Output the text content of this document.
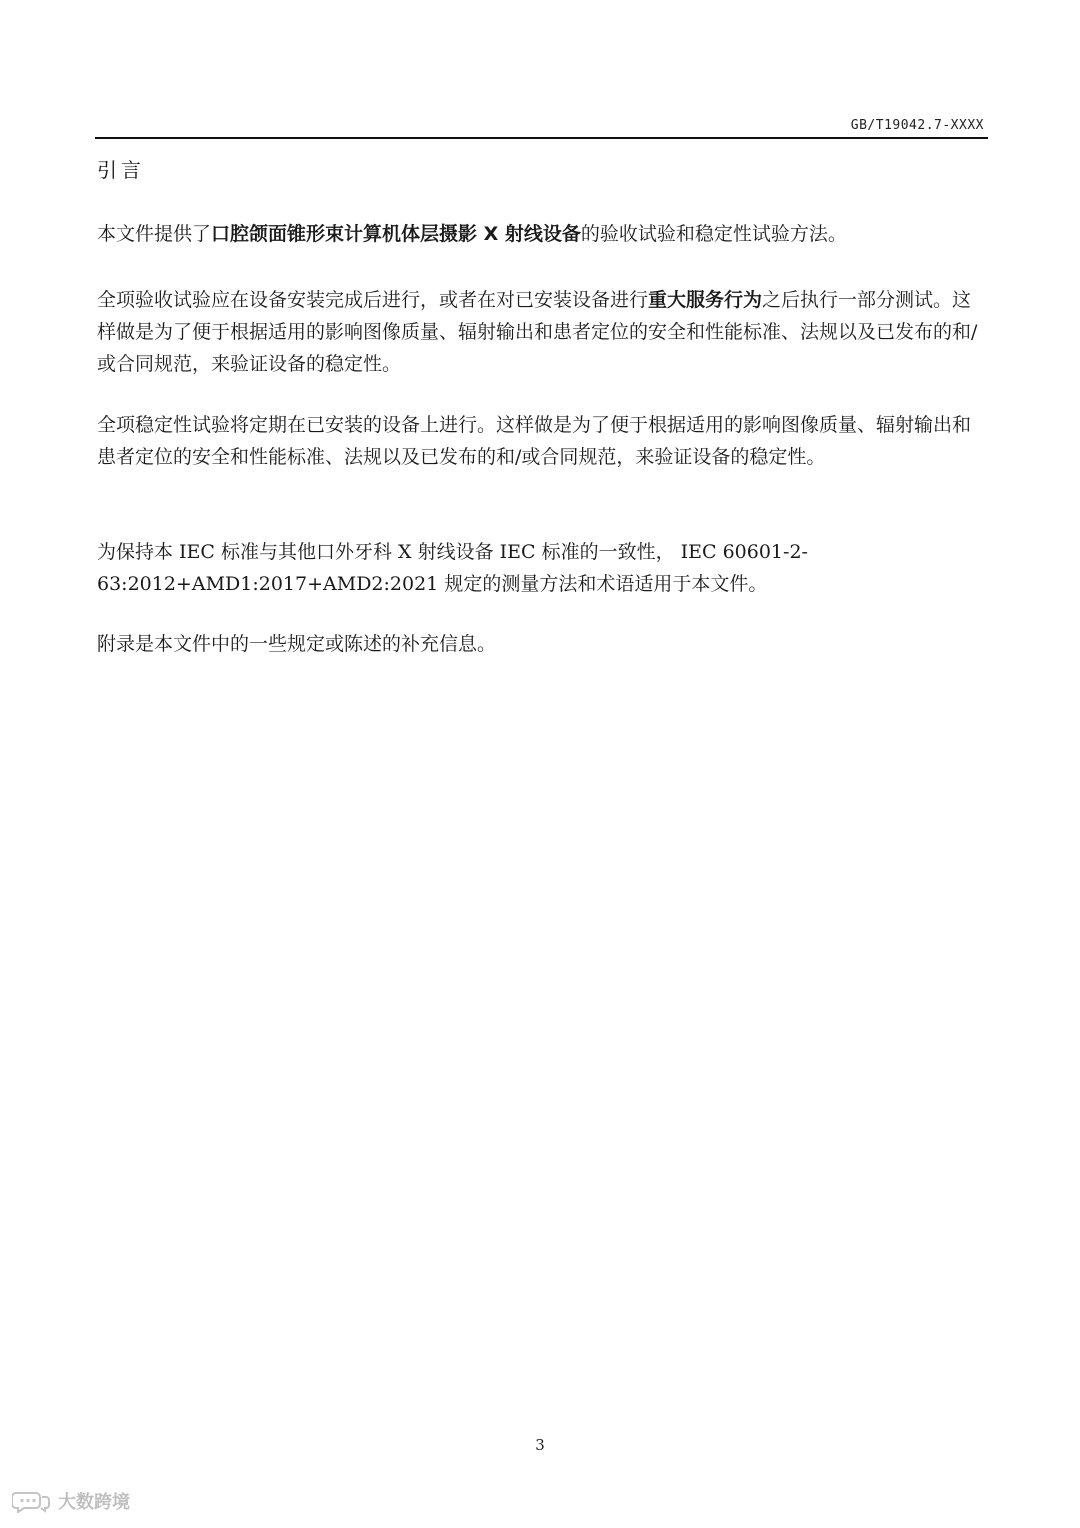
GB/T19042.7-XXXX
引言

本文件提供了口腔颌面锥形束计算机体层摄影 X 射线设备的验收试验和稳定性试验方法。

全项验收试验应在设备安装完成后进行，或者在对已安装设备进行重大服务行为之后执行一部分测试。这样做是为了便于根据适用的影响图像质量、辐射输出和患者定位的安全和性能标准、法规以及已发布的和/或合同规范，来验证设备的稳定性。

全项稳定性试验将定期在已安装的设备上进行。这样做是为了便于根据适用的影响图像质量、辐射输出和患者定位的安全和性能标准、法规以及已发布的和/或合同规范，来验证设备的稳定性。

为保持本 IEC 标准与其他口外牙科 X 射线设备 IEC 标准的一致性， IEC 60601-2-63:2012+AMD1:2017+AMD2:2021 规定的测量方法和术语适用于本文件。

附录是本文件中的一些规定或陈述的补充信息。

3
大数跨境
